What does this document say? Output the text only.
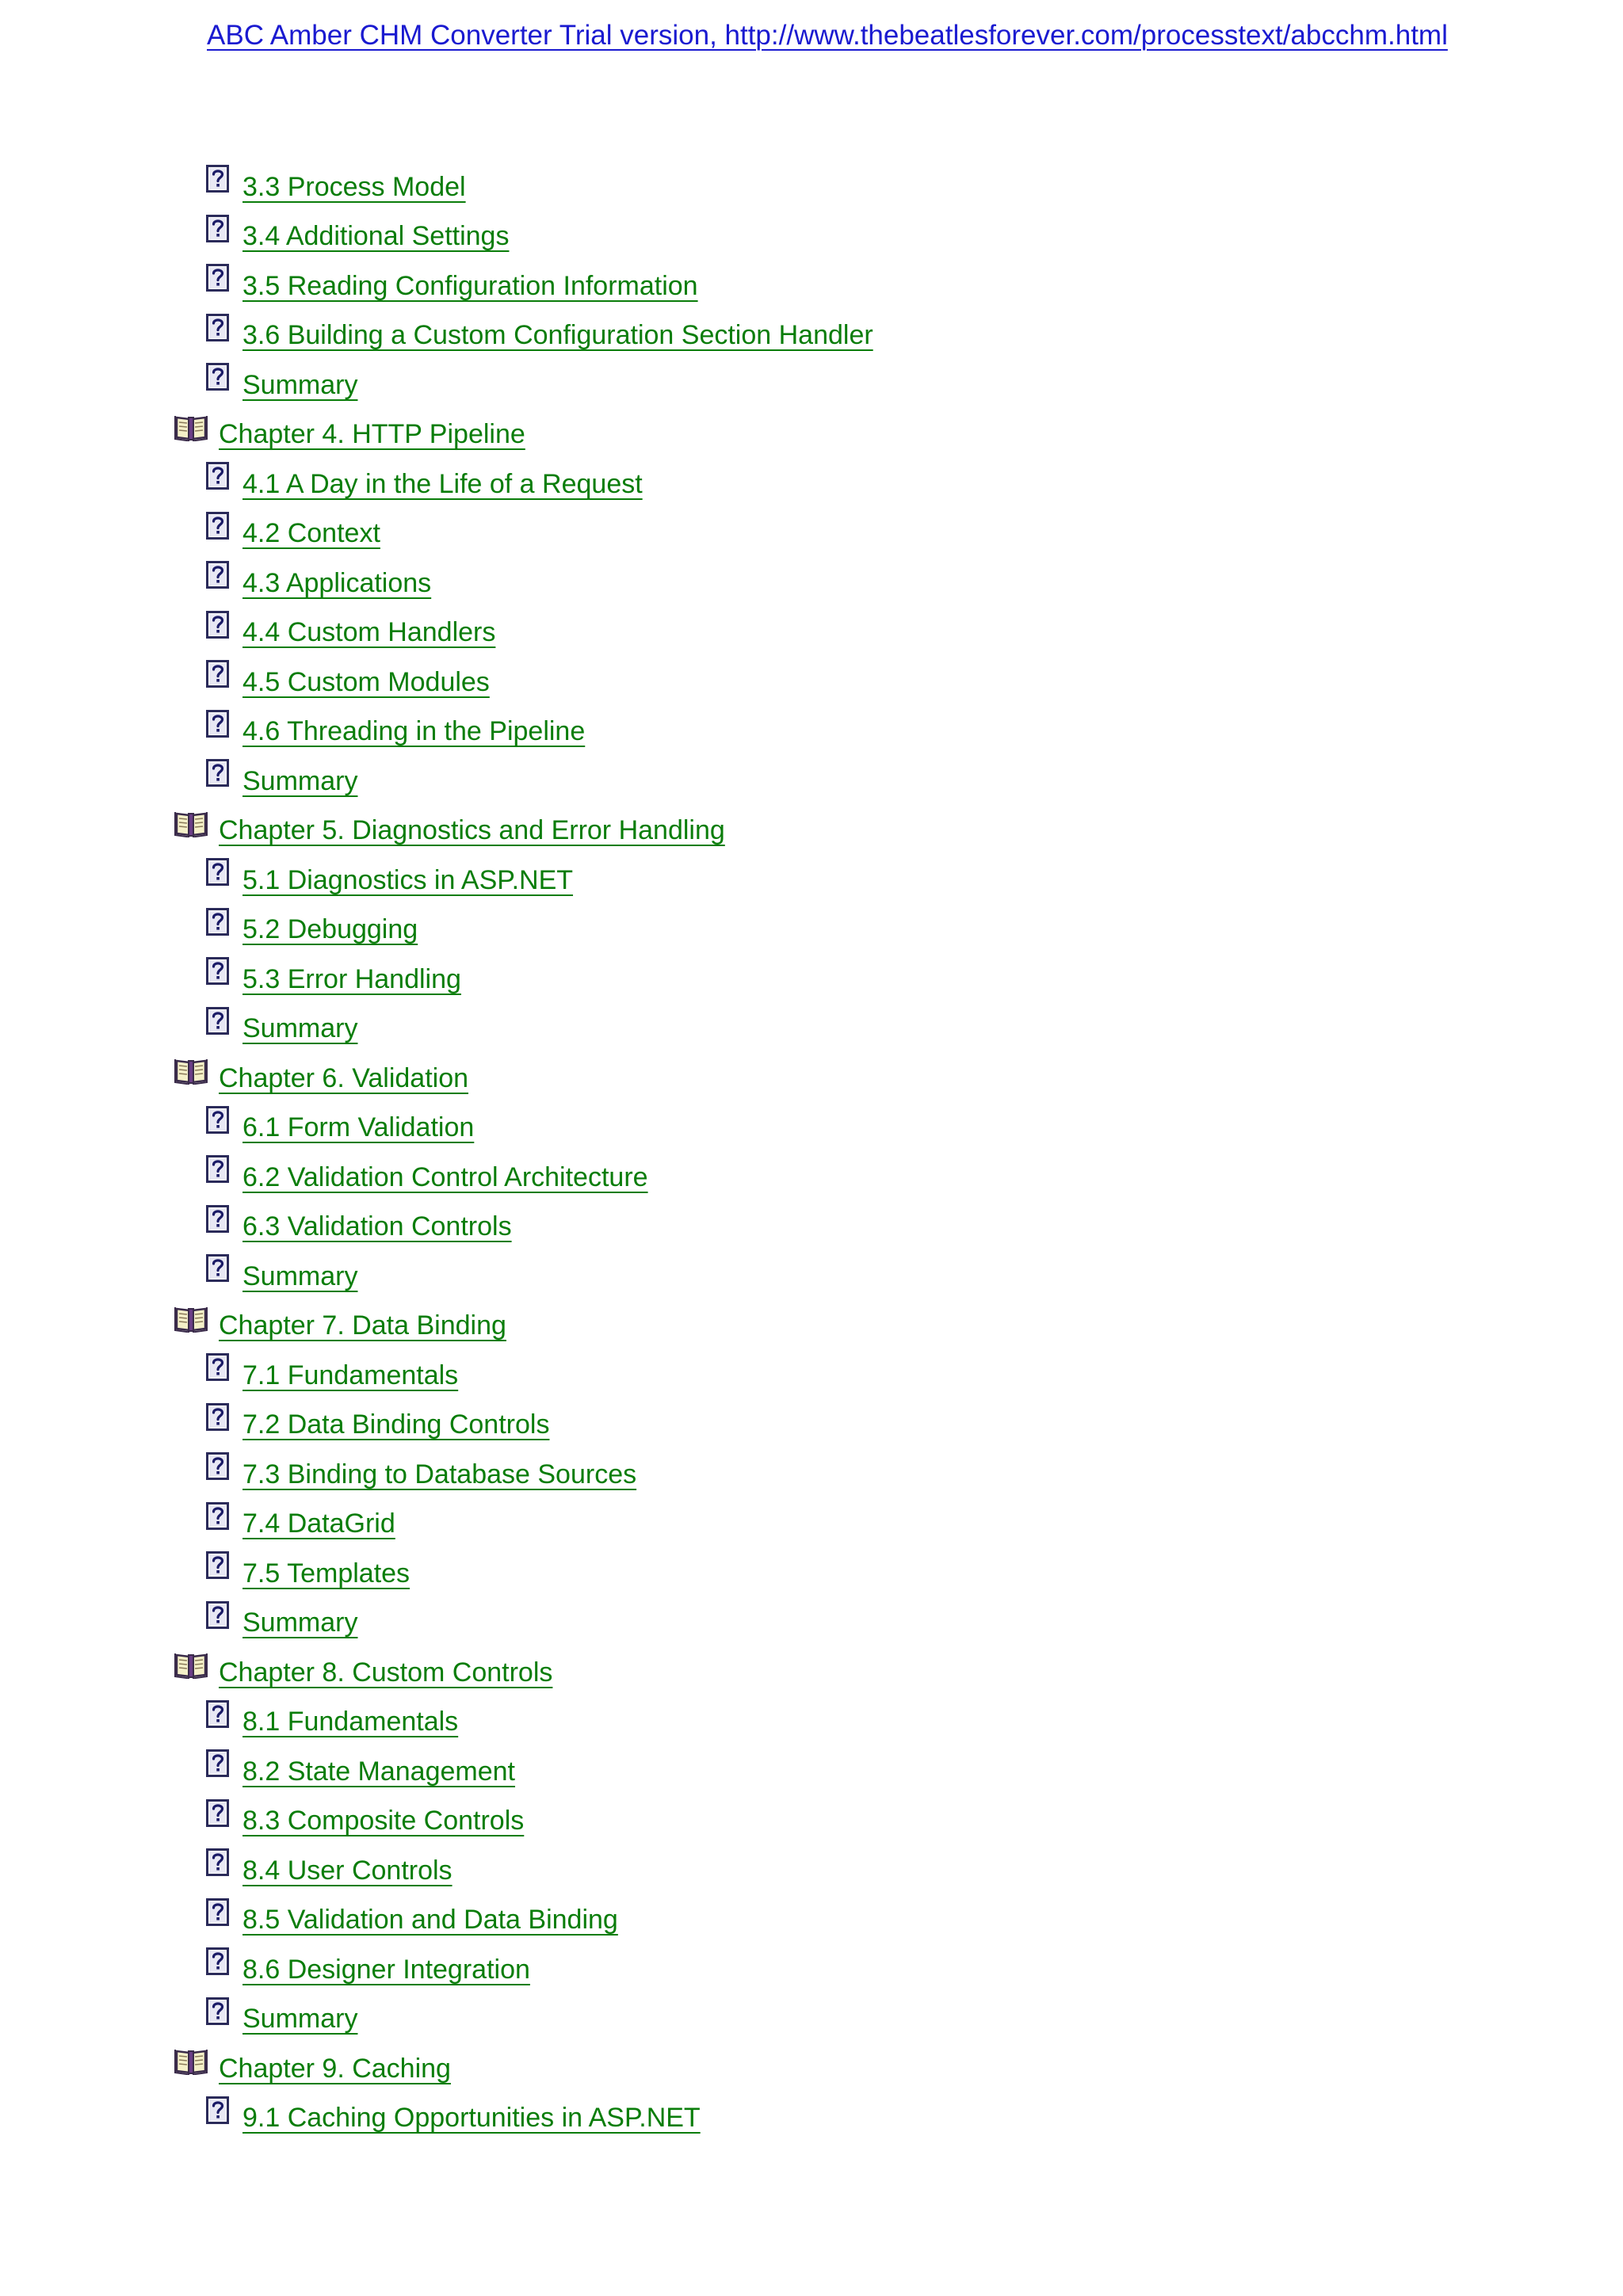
ABC Amber CHM Converter Trial version, http://www.thebeatlesforever.com/processtext/abcchm.html
3.3 Process Model
3.4 Additional Settings
3.5 Reading Configuration Information
3.6 Building a Custom Configuration Section Handler
Summary
Chapter 4. HTTP Pipeline
4.1 A Day in the Life of a Request
4.2 Context
4.3 Applications
4.4 Custom Handlers
4.5 Custom Modules
4.6 Threading in the Pipeline
Summary
Chapter 5. Diagnostics and Error Handling
5.1 Diagnostics in ASP.NET
5.2 Debugging
5.3 Error Handling
Summary
Chapter 6. Validation
6.1 Form Validation
6.2 Validation Control Architecture
6.3 Validation Controls
Summary
Chapter 7. Data Binding
7.1 Fundamentals
7.2 Data Binding Controls
7.3 Binding to Database Sources
7.4 DataGrid
7.5 Templates
Summary
Chapter 8. Custom Controls
8.1 Fundamentals
8.2 State Management
8.3 Composite Controls
8.4 User Controls
8.5 Validation and Data Binding
8.6 Designer Integration
Summary
Chapter 9. Caching
9.1 Caching Opportunities in ASP.NET
